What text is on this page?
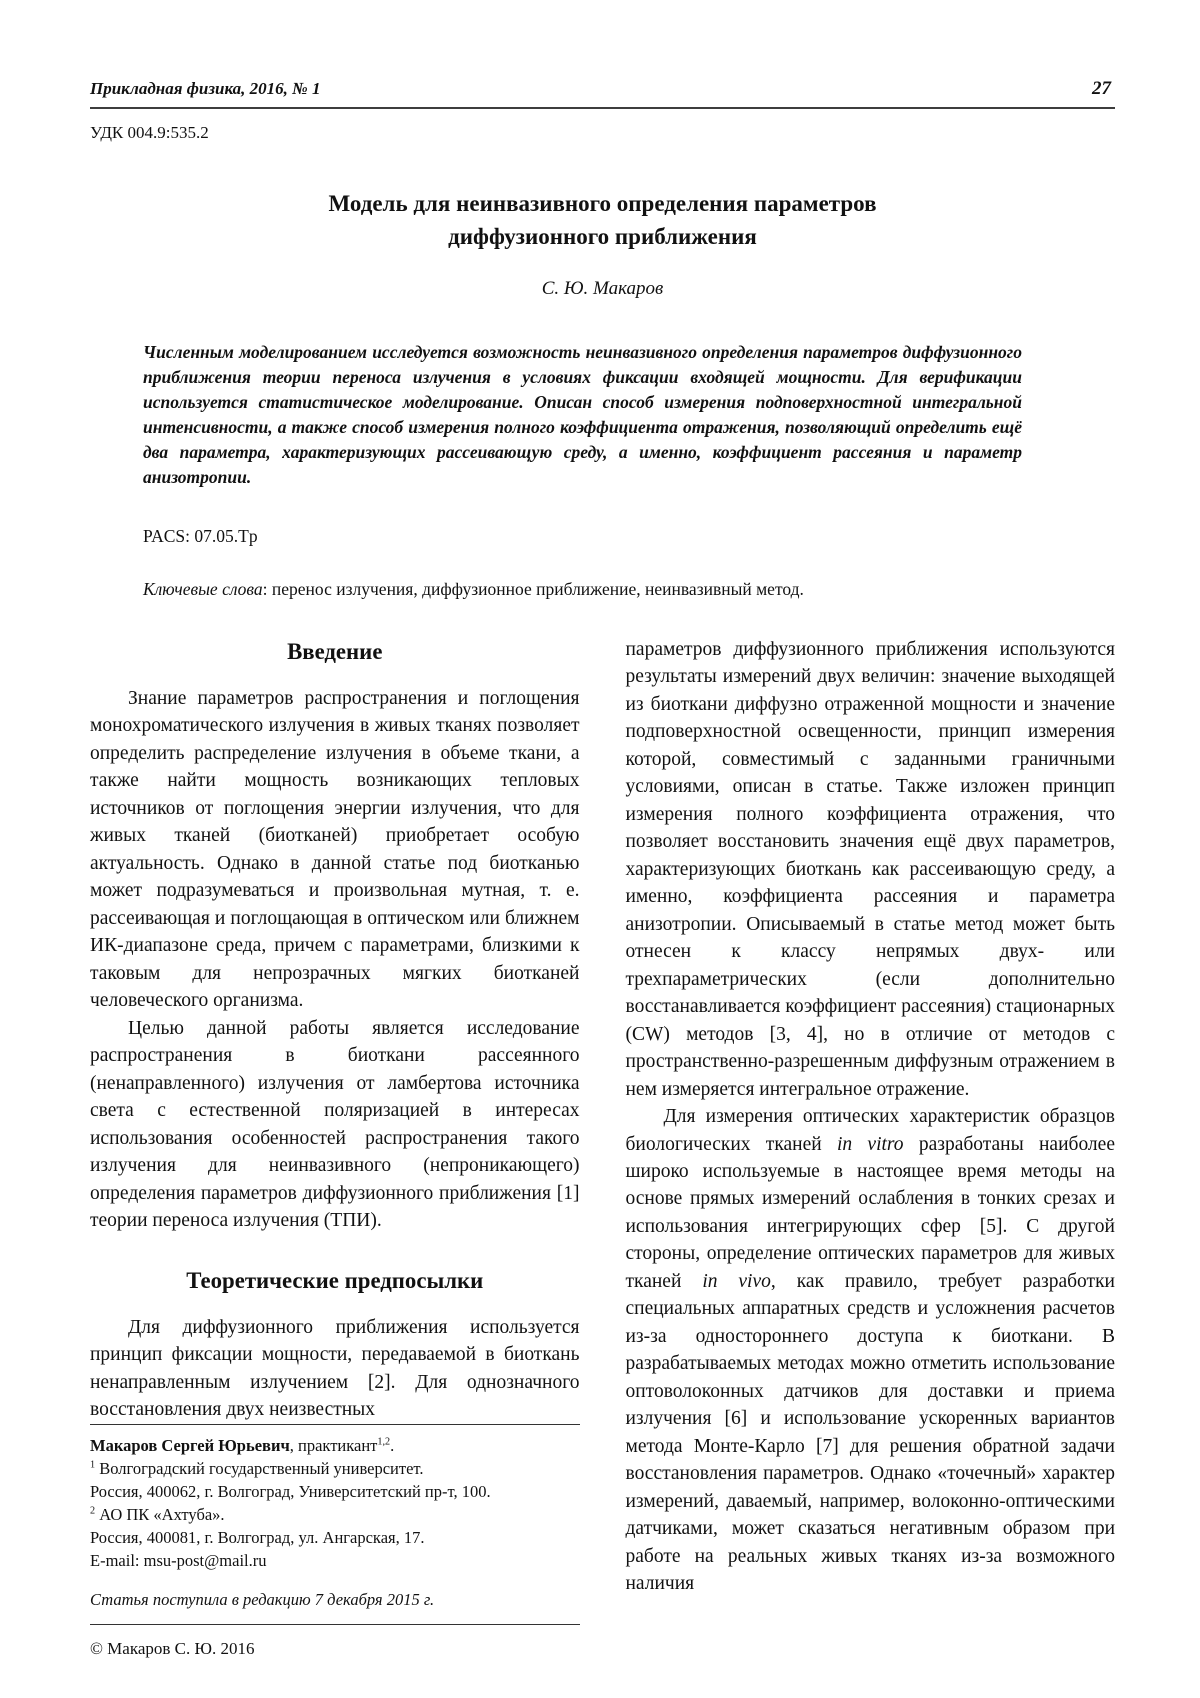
Прикладная физика, 2016, № 1	27
УДК 004.9:535.2
Модель для неинвазивного определения параметров
диффузионного приближения
С. Ю. Макаров
Численным моделированием исследуется возможность неинвазивного определения параметров диффузионного приближения теории переноса излучения в условиях фиксации входящей мощности. Для верификации используется статистическое моделирование. Описан способ измерения подповерхностной интегральной интенсивности, а также способ измерения полного коэффициента отражения, позволяющий определить ещё два параметра, характеризующих рассеивающую среду, а именно, коэффициент рассеяния и параметр анизотропии.
PACS: 07.05.Tp
Ключевые слова: перенос излучения, диффузионное приближение, неинвазивный метод.
Введение

Знание параметров распространения и поглощения монохроматического излучения в живых тканях позволяет определить распределение излучения в объеме ткани, а также найти мощность возникающих тепловых источников от поглощения энергии излучения, что для живых тканей (биотканей) приобретает особую актуальность. Однако в данной статье под биотканью может подразумеваться и произвольная мутная, т. е. рассеивающая и поглощающая в оптическом или ближнем ИК-диапазоне среда, причем с параметрами, близкими к таковым для непрозрачных мягких биотканей человеческого организма.

Целью данной работы является исследование распространения в биоткани рассеянного (ненаправленного) излучения от ламбертова источника света с естественной поляризацией в интересах использования особенностей распространения такого излучения для неинвазивного (непроникающего) определения параметров диффузионного приближения [1] теории переноса излучения (ТПИ).

Теоретические предпосылки

Для диффузионного приближения используется принцип фиксации мощности, передаваемой в биоткань ненаправленным излучением [2]. Для однозначного восстановления двух неизвестных

Макаров Сергей Юрьевич, практикант$^{1,2}$.

$^1$ Волгоградский государственный университет.

Россия, 400062, г. Волгоград, Университетский пр-т, 100.

$^2$ АО ПК «Ахтуба».

Россия, 400081, г. Волгоград, ул. Ангарская, 17.

E-mail: msu-post@mail.ru

Статья поступила в редакцию 7 декабря 2015 г.

© Макаров С. Ю. 2016

параметров диффузионного приближения используются результаты измерений двух величин: значение выходящей из биоткани диффузно отраженной мощности и значение подповерхностной освещенности, принцип измерения которой, совместимый с заданными граничными условиями, описан в статье. Также изложен принцип измерения полного коэффициента отражения, что позволяет восстановить значения ещё двух параметров, характеризующих биоткань как рассеивающую среду, а именно, коэффициента рассеяния и параметра анизотропии. Описываемый в статье метод может быть отнесен к классу непрямых двух- или трехпараметрических (если дополнительно восстанавливается коэффициент рассеяния) стационарных (CW) методов [3, 4], но в отличие от методов с пространственно-разрешенным диффузным отражением в нем измеряется интегральное отражение.

Для измерения оптических характеристик образцов биологических тканей in vitro разработаны наиболее широко используемые в настоящее время методы на основе прямых измерений ослабления в тонких срезах и использования интегрирующих сфер [5]. С другой стороны, определение оптических параметров для живых тканей in vivo, как правило, требует разработки специальных аппаратных средств и усложнения расчетов из-за одностороннего доступа к биоткани. В разрабатываемых методах можно отметить использование оптоволоконных датчиков для доставки и приема излучения [6] и использование ускоренных вариантов метода Монте-Карло [7] для решения обратной задачи восстановления параметров. Однако «точечный» характер измерений, даваемый, например, волоконно-оптическими датчиками, может сказаться негативным образом при работе на реальных живых тканях из-за возможного наличия
